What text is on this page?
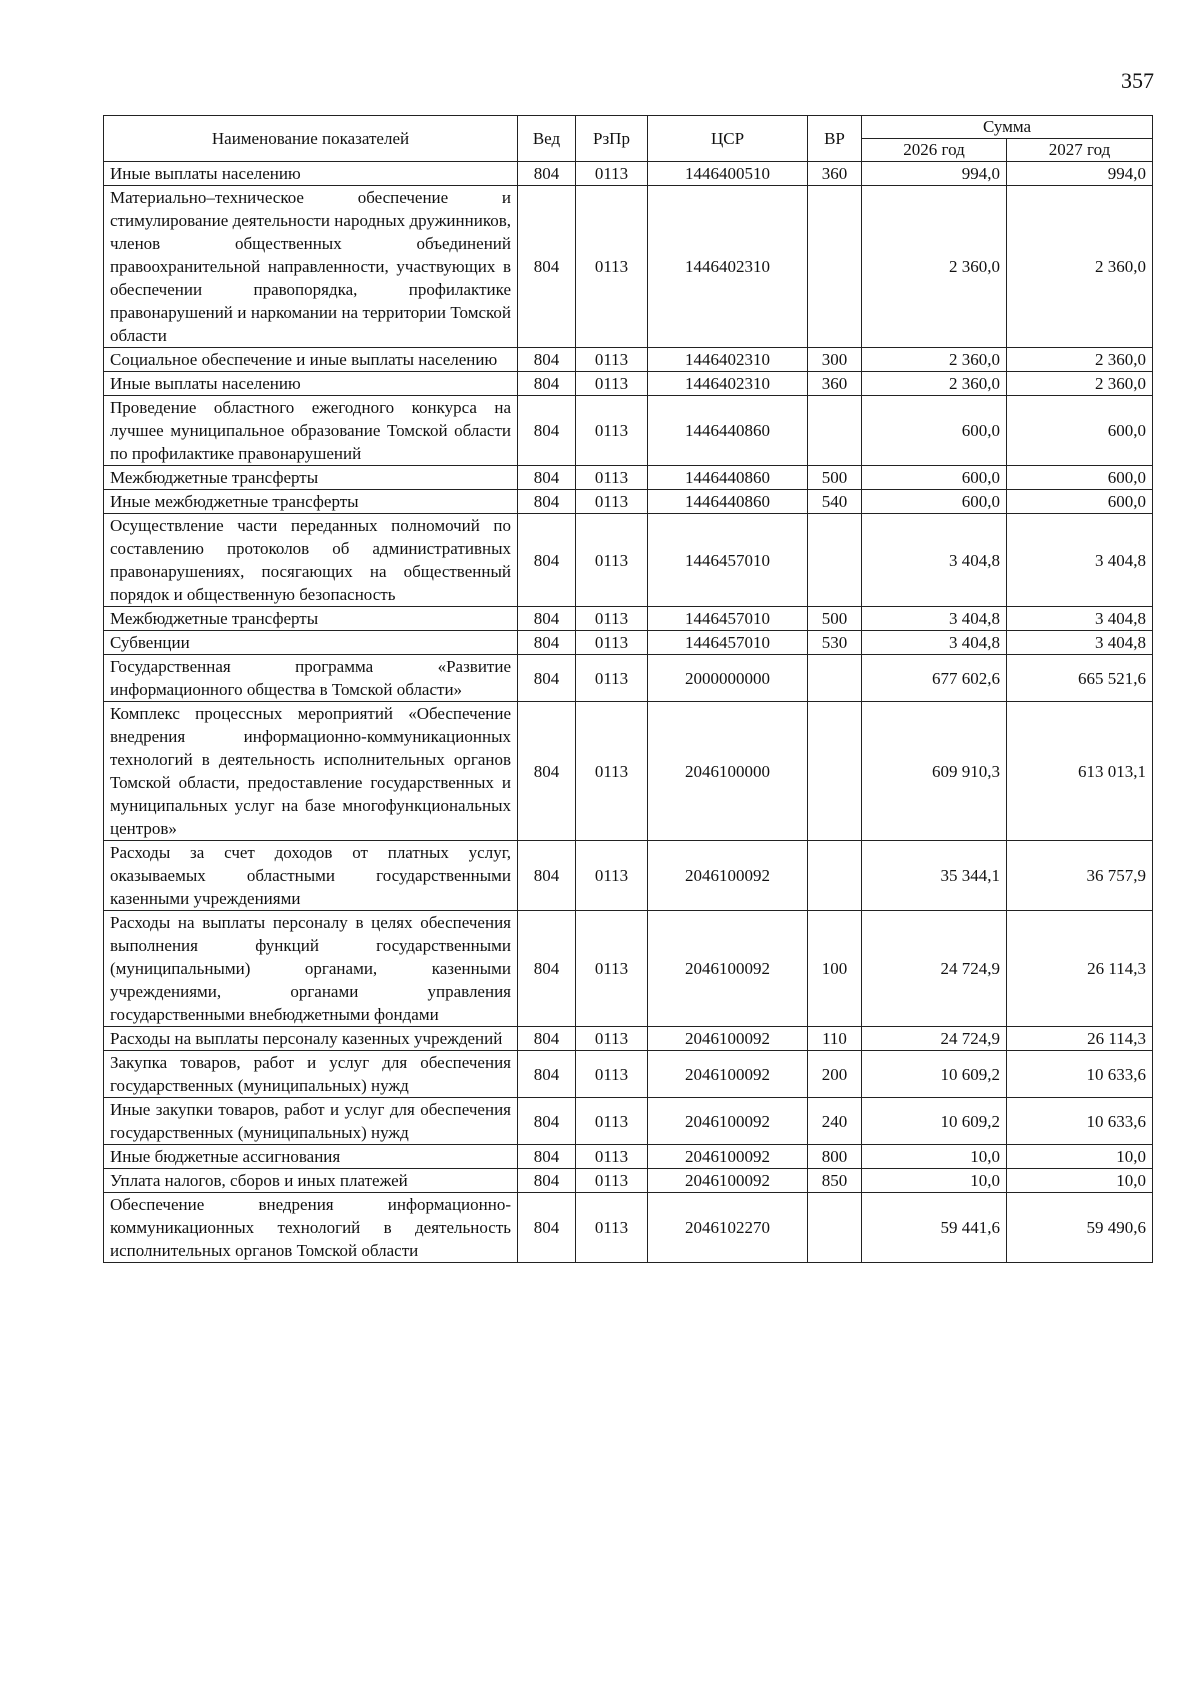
357
Наименование показателей	Вед	РзПр	ЦСР	ВР	Сумма	
					2026 год	2027 год
Иные выплаты населению	804	0113	1446400510	360	994,0	994,0
Материально–техническое обеспечение и стимулирование деятельности народных дружинников, членов общественных объединений правоохранительной направленности, участвующих в обеспечении правопорядка, профилактике правонарушений и наркомании на территории Томской области	804	0113	1446402310		2 360,0	2 360,0
Социальное обеспечение и иные выплаты населению	804	0113	1446402310	300	2 360,0	2 360,0
Иные выплаты населению	804	0113	1446402310	360	2 360,0	2 360,0
Проведение областного ежегодного конкурса на лучшее муниципальное образование Томской области по профилактике правонарушений	804	0113	1446440860		600,0	600,0
Межбюджетные трансферты	804	0113	1446440860	500	600,0	600,0
Иные межбюджетные трансферты	804	0113	1446440860	540	600,0	600,0
Осуществление части переданных полномочий по составлению протоколов об административных правонарушениях, посягающих на общественный порядок и общественную безопасность	804	0113	1446457010		3 404,8	3 404,8
Межбюджетные трансферты	804	0113	1446457010	500	3 404,8	3 404,8
Субвенции	804	0113	1446457010	530	3 404,8	3 404,8
Государственная программа «Развитие информационного общества в Томской области»	804	0113	2000000000		677 602,6	665 521,6
Комплекс процессных мероприятий «Обеспечение внедрения информационно-коммуникационных технологий в деятельность исполнительных органов Томской области, предоставление государственных и муниципальных услуг на базе многофункциональных центров»	804	0113	2046100000		609 910,3	613 013,1
Расходы за счет доходов от платных услуг, оказываемых областными государственными казенными учреждениями	804	0113	2046100092		35 344,1	36 757,9
Расходы на выплаты персоналу в целях обеспечения выполнения функций государственными (муниципальными) органами, казенными учреждениями, органами управления государственными внебюджетными фондами	804	0113	2046100092	100	24 724,9	26 114,3
Расходы на выплаты персоналу казенных учреждений	804	0113	2046100092	110	24 724,9	26 114,3
Закупка товаров, работ и услуг для обеспечения государственных (муниципальных) нужд	804	0113	2046100092	200	10 609,2	10 633,6
Иные закупки товаров, работ и услуг для обеспечения государственных (муниципальных) нужд	804	0113	2046100092	240	10 609,2	10 633,6
Иные бюджетные ассигнования	804	0113	2046100092	800	10,0	10,0
Уплата налогов, сборов и иных платежей	804	0113	2046100092	850	10,0	10,0
Обеспечение внедрения информационно-коммуникационных технологий в деятельность исполнительных органов Томской области	804	0113	2046102270		59 441,6	59 490,6
